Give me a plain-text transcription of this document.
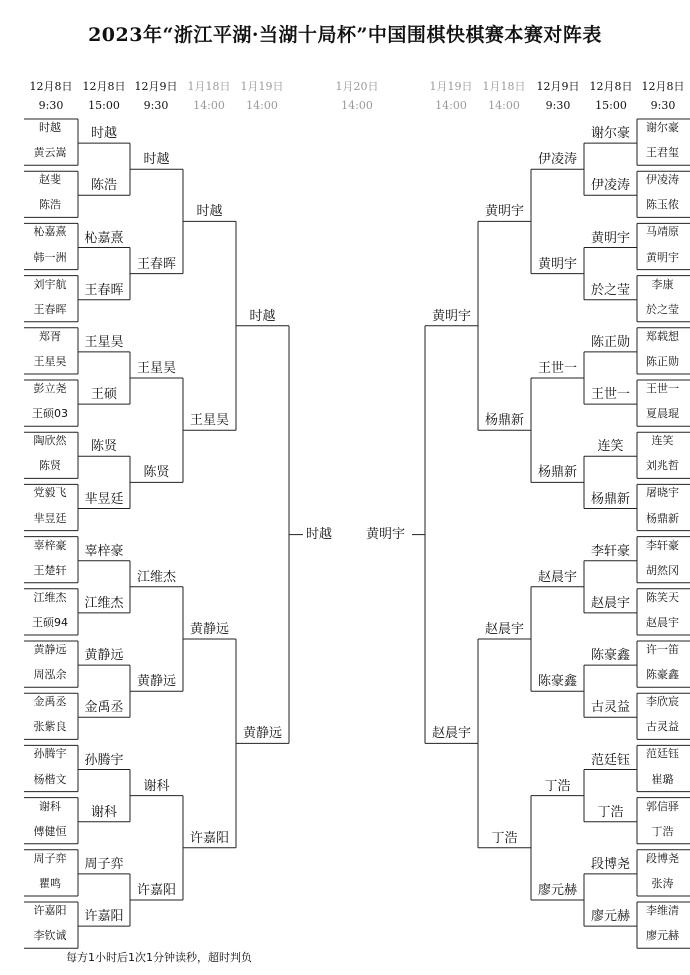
2023年“浙江平湖·当湖十局杯”中国围棋快棋赛本赛对阵表
12月8日
9:30
12月8日
15:00
12月9日
9:30
1月18日
14:00
1月19日
14:00
1月20日
14:00
1月19日
14:00
1月18日
14:00
12月9日
9:30
12月8日
15:00
12月8日
9:30
时越
黄云嵩
赵斐
陈浩
杺嘉熹
韩一洲
刘宇航
王春晖
郑胥
王星昊
彭立尧
王硕03
陶欣然
陈贤
党毅飞
芈昱廷
辜梓豪
王楚轩
江维杰
王硕94
黄静远
周泓余
金禹丞
张紫良
孙腾宇
杨楷文
谢科
傅健恒
周子弈
瞿鸣
许嘉阳
李钦诚
时越
陈浩
杺嘉熹
王春晖
王星昊
王硕
陈贤
芈昱廷
辜梓豪
江维杰
黄静远
金禹丞
孙腾宇
谢科
周子弈
许嘉阳
时越
王春晖
王星昊
陈贤
江维杰
黄静远
谢科
许嘉阳
时越
王星昊
黄静远
许嘉阳
时越
黄静远
谢尔豪
王君玺
伊凌涛
陈玉侬
马靖原
黄明宇
李康
於之莹
郑载想
陈正勋
王世一
夏晨琨
连笑
刘兆哲
屠晓宇
杨鼎新
李轩豪
胡然冈
陈笑天
赵晨宇
许一笛
陈豪鑫
李欣宸
古灵益
范廷钰
崔璐
郭信驿
丁浩
段博尧
张涛
李维清
廖元赫
谢尔豪
伊凌涛
黄明宇
於之莹
陈正勋
王世一
连笑
杨鼎新
李轩豪
赵晨宇
陈豪鑫
古灵益
范廷钰
丁浩
段博尧
廖元赫
伊凌涛
黄明宇
王世一
杨鼎新
赵晨宇
陈豪鑫
丁浩
廖元赫
黄明宇
杨鼎新
赵晨宇
丁浩
黄明宇
赵晨宇
时越	黄明宇
每方1小时后1次1分钟读秒，超时判负
